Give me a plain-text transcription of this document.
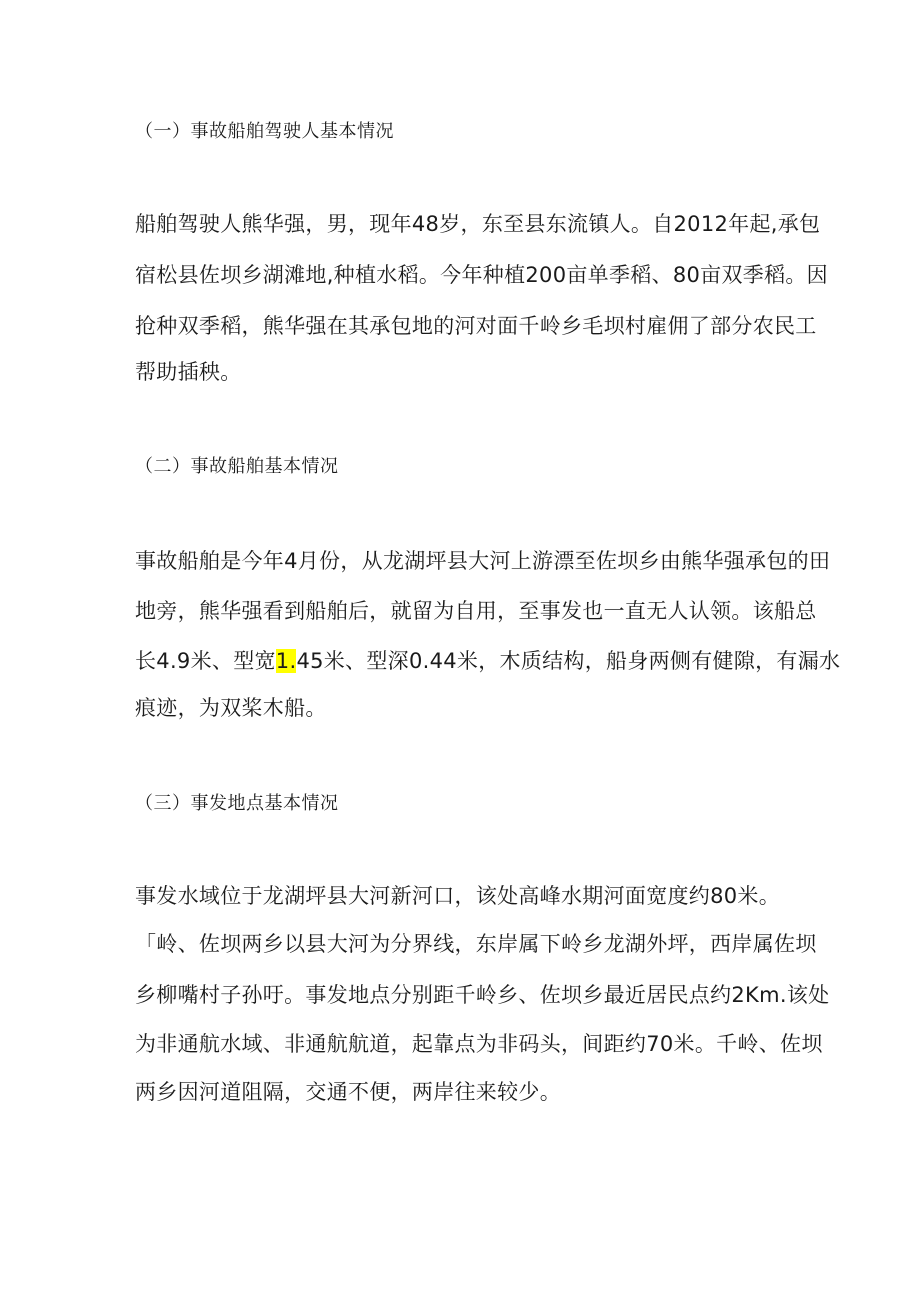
（一）事故船舶驾驶人基本情况
船舶驾驶人熊华强，男，现年48岁，东至县东流镇人。自2012年起,承包
宿松县佐坝乡湖滩地,种植水稻。今年种植200亩单季稻、80亩双季稻。因
抢种双季稻，熊华强在其承包地的河对面千岭乡毛坝村雇佣了部分农民工
帮助插秧。
（二）事故船舶基本情况
事故船舶是今年4月份，从龙湖坪县大河上游漂至佐坝乡由熊华强承包的田
地旁，熊华强看到船舶后，就留为自用，至事发也一直无人认领。该船总
长4.9米、型宽1.45米、型深0.44米，木质结构，船身两侧有健隙，有漏水
痕迹，为双桨木船。
（三）事发地点基本情况
事发水域位于龙湖坪县大河新河口，该处高峰水期河面宽度约80米。
「岭、佐坝两乡以县大河为分界线，东岸属下岭乡龙湖外坪，西岸属佐坝
乡柳嘴村子孙吁。事发地点分别距千岭乡、佐坝乡最近居民点约2Km.该处
为非通航水域、非通航航道，起靠点为非码头，间距约70米。千岭、佐坝
两乡因河道阻隔，交通不便，两岸往来较少。
